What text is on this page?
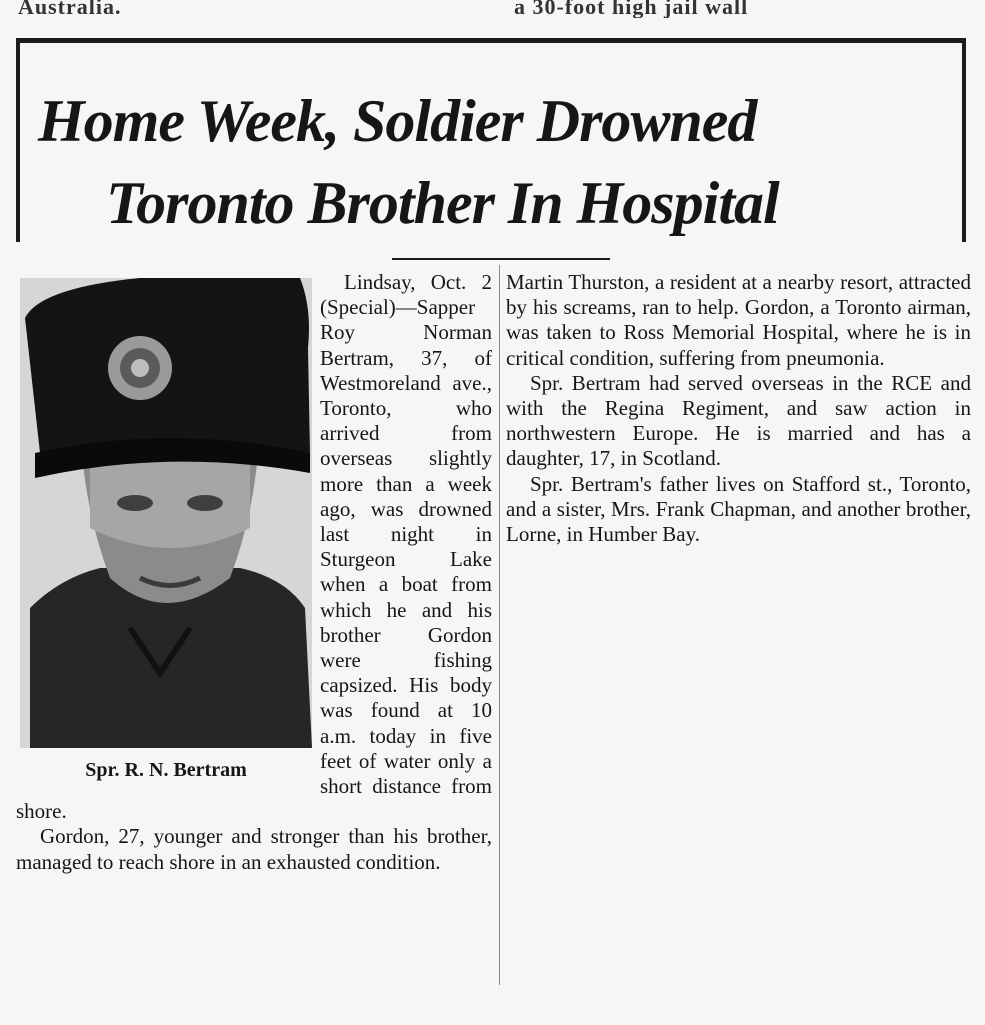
Australia.	a 30-foot high jail wall
Home Week, Soldier Drowned
Toronto Brother In Hospital
Spr. R. N. Bertram

Lindsay, Oct. 2 (Special)—Sapper Roy Norman Bertram, 37, of Westmoreland ave., Toronto, who arrived from overseas slightly more than a week ago, was drowned last night in Sturgeon Lake when a boat from which he and his brother Gordon were fishing capsized. His body was found at 10 a.m. today in five feet of water only a short distance from shore.

Gordon, 27, younger and stronger than his brother, managed to reach shore in an exhausted condition.

Martin Thurston, a resident at a nearby resort, attracted by his screams, ran to help. Gordon, a Toronto airman, was taken to Ross Memorial Hospital, where he is in critical condition, suffering from pneumonia.

Spr. Bertram had served overseas in the RCE and with the Regina Regiment, and saw action in northwestern Europe. He is married and has a daughter, 17, in Scotland.

Spr. Bertram's father lives on Stafford st., Toronto, and a sister, Mrs. Frank Chapman, and another brother, Lorne, in Humber Bay.
